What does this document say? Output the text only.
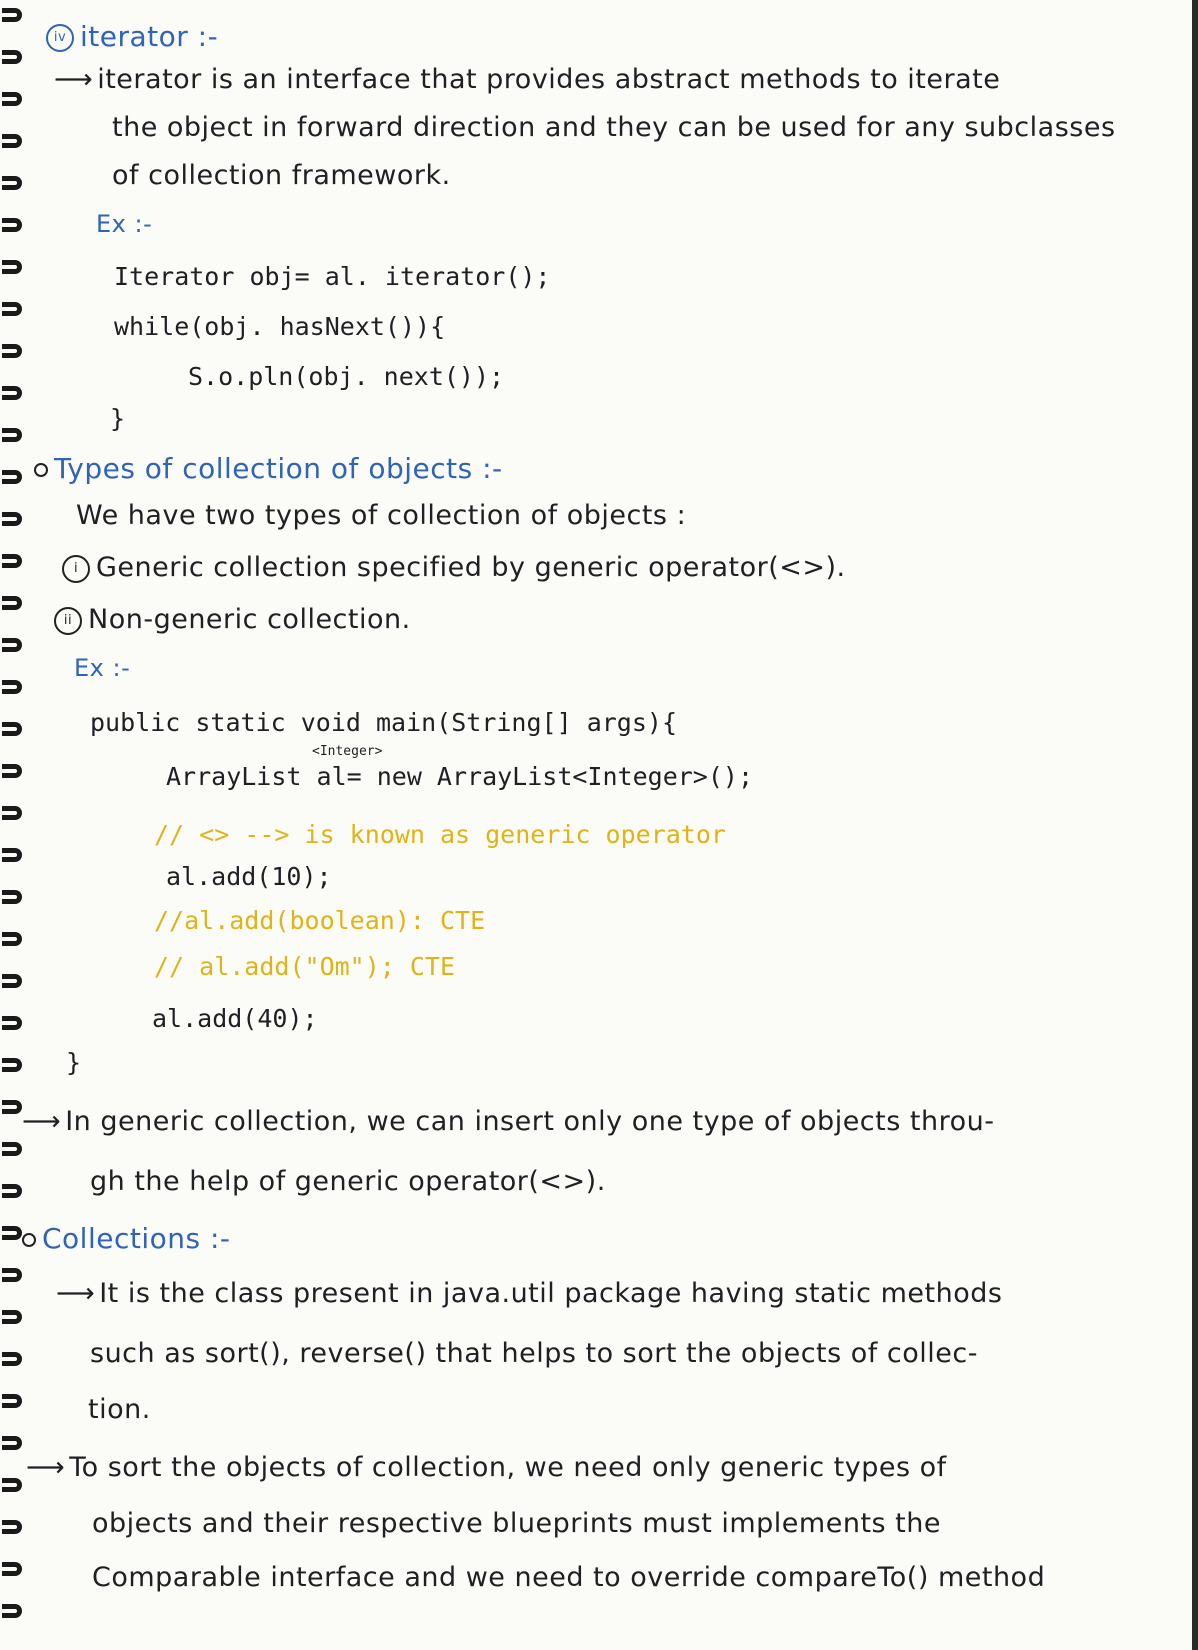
iv iterator :-
⟶ iterator is an interface that provides abstract methods to iterate
the object in forward direction and they can be used for any subclasses
of collection framework.
Ex :-
Iterator obj= al. iterator();
while(obj. hasNext()){
S.o.pln(obj. next());
}
Types of collection of objects :-
We have two types of collection of objects :
i Generic collection specified by generic operator(<>).
ii Non-generic collection.
Ex :-
public static void main(String[] args){
<Integer>
ArrayList al= new ArrayList<Integer>();
// <> --> is known as generic operator
al.add(10);
//al.add(boolean): CTE
// al.add("Om"); CTE
al.add(40);
}
⟶ In generic collection, we can insert only one type of objects throu-
gh the help of generic operator(<>).
Collections :-
⟶ It is the class present in java.util package having static methods
such as sort(), reverse() that helps to sort the objects of collec-
tion.
⟶ To sort the objects of collection, we need only generic types of
objects and their respective blueprints must implements the
Comparable interface and we need to override compareTo() method
